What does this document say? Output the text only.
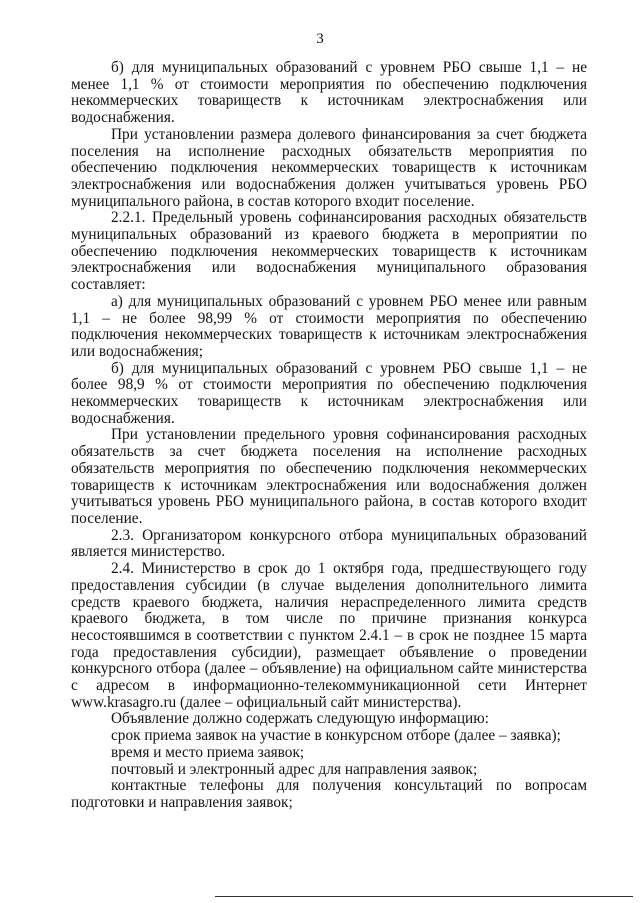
3

б) для муниципальных образований с уровнем РБО свыше 1,1 – не менее 1,1 % от стоимости мероприятия по обеспечению подключения некоммерческих товариществ к источникам электроснабжения или водоснабжения.

При установлении размера долевого финансирования за счет бюджета поселения на исполнение расходных обязательств мероприятия по обеспечению подключения некоммерческих товариществ к источникам электроснабжения или водоснабжения должен учитываться уровень РБО муниципального района, в состав которого входит поселение.

2.2.1. Предельный уровень софинансирования расходных обязательств муниципальных образований из краевого бюджета в мероприятии по обеспечению подключения некоммерческих товариществ к источникам электроснабжения или водоснабжения муниципального образования составляет:

а) для муниципальных образований с уровнем РБО менее или равным 1,1 – не более 98,99 % от стоимости мероприятия по обеспечению подключения некоммерческих товариществ к источникам электроснабжения или водоснабжения;

б) для муниципальных образований с уровнем РБО свыше 1,1 – не более 98,9 % от стоимости мероприятия по обеспечению подключения некоммерческих товариществ к источникам электроснабжения или водоснабжения.

При установлении предельного уровня софинансирования расходных обязательств за счет бюджета поселения на исполнение расходных обязательств мероприятия по обеспечению подключения некоммерческих товариществ к источникам электроснабжения или водоснабжения должен учитываться уровень РБО муниципального района, в состав которого входит поселение.

2.3. Организатором конкурсного отбора муниципальных образований является министерство.

2.4. Министерство в срок до 1 октября года, предшествующего году предоставления субсидии (в случае выделения дополнительного лимита средств краевого бюджета, наличия нераспределенного лимита средств краевого бюджета, в том числе по причине признания конкурса несостоявшимся в соответствии с пунктом 2.4.1 – в срок не позднее 15 марта года предоставления субсидии), размещает объявление о проведении конкурсного отбора (далее – объявление) на официальном сайте министерства с адресом в информационно-телекоммуникационной сети Интернет www.krasagro.ru (далее – официальный сайт министерства).

Объявление должно содержать следующую информацию:

срок приема заявок на участие в конкурсном отборе (далее – заявка);

время и место приема заявок;

почтовый и электронный адрес для направления заявок;

контактные телефоны для получения консультаций по вопросам подготовки и направления заявок;
